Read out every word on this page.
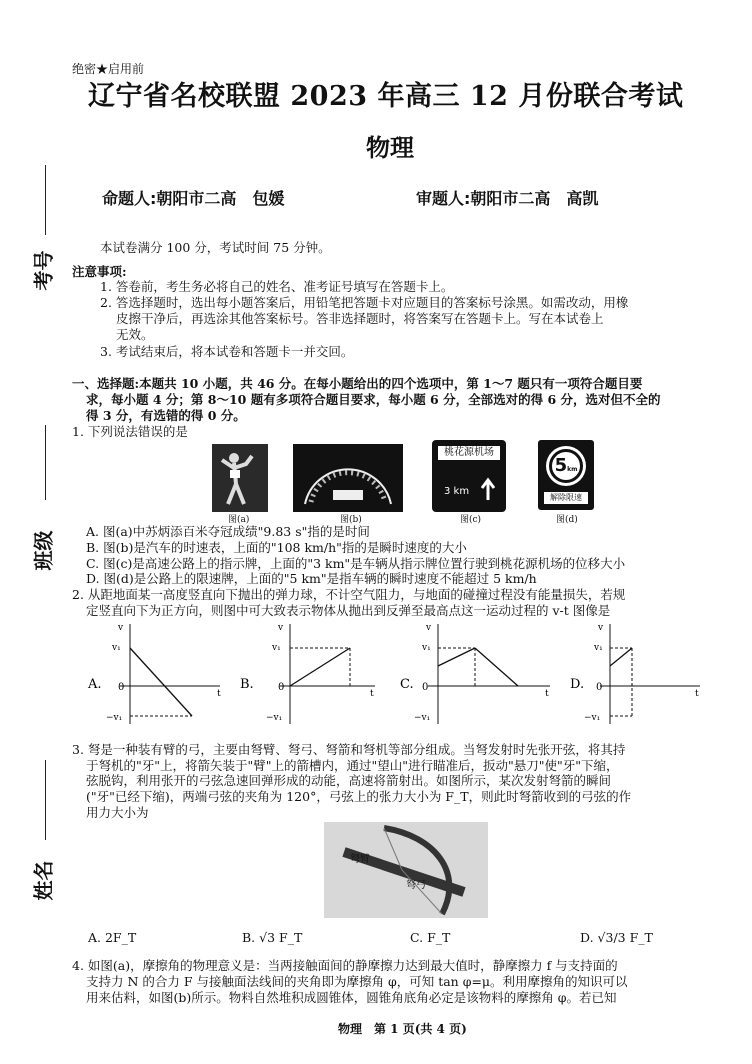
考号
班级
姓名
绝密★启用前
辽宁省名校联盟 2023 年高三 12 月份联合考试
物理
命题人:朝阳市二高　包媛	审题人:朝阳市二高　高凯
本试卷满分 100 分，考试时间 75 分钟。
注意事项:
1. 答卷前，考生务必将自己的姓名、准考证号填写在答题卡上。
2. 答选择题时，选出每小题答案后，用铅笔把答题卡对应题目的答案标号涂黑。如需改动，用橡
皮擦干净后，再选涂其他答案标号。答非选择题时，将答案写在答题卡上。写在本试卷上
无效。
3. 考试结束后，将本试卷和答题卡一并交回。
一、选择题:本题共 10 小题，共 46 分。在每小题给出的四个选项中，第 1～7 题只有一项符合题目要
求，每小题 4 分；第 8～10 题有多项符合题目要求，每小题 6 分，全部选对的得 6 分，选对但不全的
得 3 分，有选错的得 0 分。
1. 下列说法错误的是
图(a)	图(b)
桃花源机场
3 km
图(c)
5km
解除限速
图(d)
A. 图(a)中苏炳添百米夺冠成绩"9.83 s"指的是时间
B. 图(b)是汽车的时速表，上面的"108 km/h"指的是瞬时速度的大小
C. 图(c)是高速公路上的指示牌，上面的"3 km"是车辆从指示牌位置行驶到桃花源机场的位移大小
D. 图(d)是公路上的限速牌，上面的"5 km"是指车辆的瞬时速度不能超过 5 km/h
2. 从距地面某一高度竖直向下抛出的弹力球，不计空气阻力，与地面的碰撞过程没有能量损失，若规
定竖直向下为正方向，则图中可大致表示物体从抛出到反弹至最高点这一运动过程的 v-t 图像是
A.
v
t
0
v₁
−v₁
B.
v
t
0
v₁
−v₁
C.
v
t
0
v₁
−v₁
D.
v
t
0
v₁
−v₁
3. 弩是一种装有臂的弓，主要由弩臂、弩弓、弩箭和弩机等部分组成。当弩发射时先张开弦，将其持
于弩机的"牙"上，将箭矢装于"臂"上的箭槽内，通过"望山"进行瞄准后，扳动"悬刀"使"牙"下缩，
弦脱钩，利用张开的弓弦急速回弹形成的动能，高速将箭射出。如图所示，某次发射弩箭的瞬间
("牙"已经下缩)，两端弓弦的夹角为 120°，弓弦上的张力大小为 F_T，则此时弩箭收到的弓弦的作
用力大小为
弩臂
弩弓
A. 2F_T	B. √3 F_T	C. F_T	D. √3/3 F_T
4. 如图(a)，摩擦角的物理意义是：当两接触面间的静摩擦力达到最大值时，静摩擦力 f 与支持面的
支持力 N 的合力 F 与接触面法线间的夹角即为摩擦角 φ，可知 tan φ=μ。利用摩擦角的知识可以
用来估料，如图(b)所示。物料自然堆积成圆锥体，圆锥角底角必定是该物料的摩擦角 φ。若已知
物理　第 1 页(共 4 页)
